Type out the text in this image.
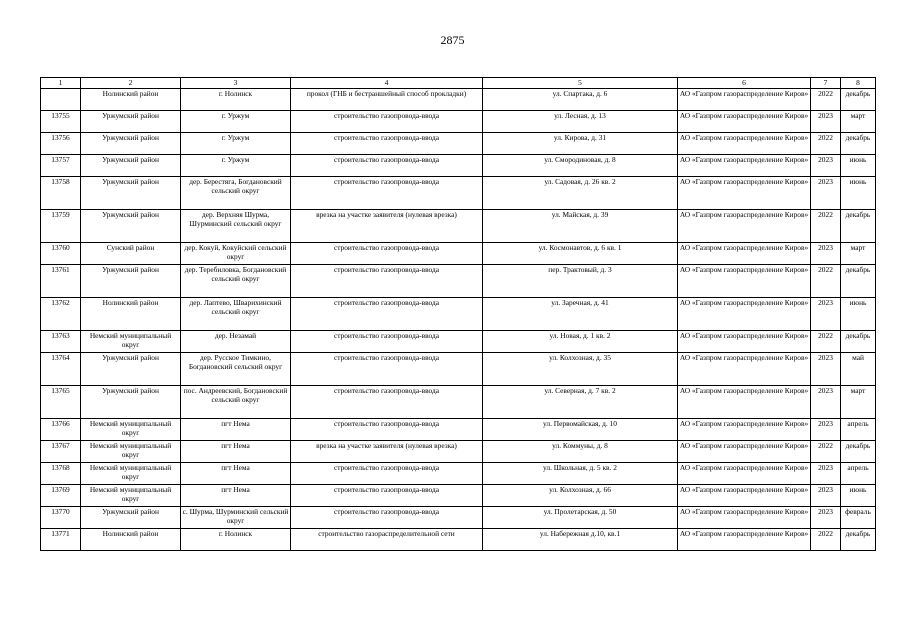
2875
1	2	3	4	5	6	7	8
	Нолинский район	г. Нолинск	прокол (ГНБ и бестраншейный способ прокладки)	ул. Спартака, д. 6	АО «Газпром газораспределение Киров»	2022	декабрь
13755	Уржумский район	г. Уржум	строительство газопровода-ввода	ул. Лесная, д. 13	АО «Газпром газораспределение Киров»	2023	март
13756	Уржумский район	г. Уржум	строительство газопровода-ввода	ул. Кирова, д. 31	АО «Газпром газораспределение Киров»	2022	декабрь
13757	Уржумский район	г. Уржум	строительство газопровода-ввода	ул. Смородиновая, д. 8	АО «Газпром газораспределение Киров»	2023	июнь
13758	Уржумский район	дер. Берестяга, Богдановский сельский округ	строительство газопровода-ввода	ул. Садовая, д. 26 кв. 2	АО «Газпром газораспределение Киров»	2023	июнь
13759	Уржумский район	дер. Верхняя Шурма, Шурминский сельский округ	врезка на участке заявителя (нулевая врезка)	ул. Майская, д. 39	АО «Газпром газораспределение Киров»	2022	декабрь
13760	Сунский район	дер. Кокуй, Кокуйский сельский округ	строительство газопровода-ввода	ул. Космонавтов, д. 6 кв. 1	АО «Газпром газораспределение Киров»	2023	март
13761	Уржумский район	дер. Теребиловка, Богдановский сельский округ	строительство газопровода-ввода	пер. Трактовый, д. 3	АО «Газпром газораспределение Киров»	2022	декабрь
13762	Нолинский район	дер. Лаптево, Шварихинский сельский округ	строительство газопровода-ввода	ул. Заречная, д. 41	АО «Газпром газораспределение Киров»	2023	июнь
13763	Немский муниципальный округ	дер. Незамай	строительство газопровода-ввода	ул. Новая, д. 1 кв. 2	АО «Газпром газораспределение Киров»	2022	декабрь
13764	Уржумский район	дер. Русское Тимкино, Богдановский сельский округ	строительство газопровода-ввода	ул. Колхозная, д. 35	АО «Газпром газораспределение Киров»	2023	май
13765	Уржумский район	пос. Андреевский, Богдановский сельский округ	строительство газопровода-ввода	ул. Северная, д. 7 кв. 2	АО «Газпром газораспределение Киров»	2023	март
13766	Немский муниципальный округ	пгт Нема	строительство газопровода-ввода	ул. Первомайская, д. 10	АО «Газпром газораспределение Киров»	2023	апрель
13767	Немский муниципальный округ	пгт Нема	врезка на участке заявителя (нулевая врезка)	ул. Коммуны, д. 8	АО «Газпром газораспределение Киров»	2022	декабрь
13768	Немский муниципальный округ	пгт Нема	строительство газопровода-ввода	ул. Школьная, д. 5 кв. 2	АО «Газпром газораспределение Киров»	2023	апрель
13769	Немский муниципальный округ	пгт Нема	строительство газопровода-ввода	ул. Колхозная, д. 66	АО «Газпром газораспределение Киров»	2023	июнь
13770	Уржумский район	с. Шурма, Шурминский сельский округ	строительство газопровода-ввода	ул. Пролетарская, д. 50	АО «Газпром газораспределение Киров»	2023	февраль
13771	Нолинский район	г. Нолинск	строительство газораспределительной сети	ул. Набережная д.10, кв.1	АО «Газпром газораспределение Киров»	2022	декабрь
